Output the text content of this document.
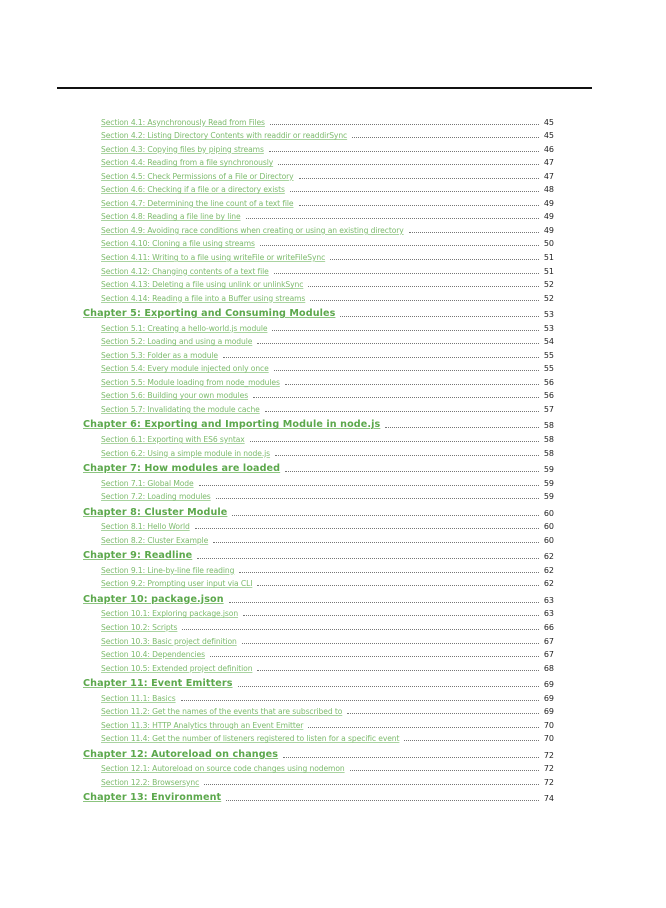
Section 4.1: Asynchronously Read from Files	45
Section 4.2: Listing Directory Contents with readdir or readdirSync	45
Section 4.3: Copying files by piping streams	46
Section 4.4: Reading from a file synchronously	47
Section 4.5: Check Permissions of a File or Directory	47
Section 4.6: Checking if a file or a directory exists	48
Section 4.7: Determining the line count of a text file	49
Section 4.8: Reading a file line by line	49
Section 4.9: Avoiding race conditions when creating or using an existing directory	49
Section 4.10: Cloning a file using streams	50
Section 4.11: Writing to a file using writeFile or writeFileSync	51
Section 4.12: Changing contents of a text file	51
Section 4.13: Deleting a file using unlink or unlinkSync	52
Section 4.14: Reading a file into a Buffer using streams	52
Chapter 5: Exporting and Consuming Modules	53
Section 5.1: Creating a hello-world.js module	53
Section 5.2: Loading and using a module	54
Section 5.3: Folder as a module	55
Section 5.4: Every module injected only once	55
Section 5.5: Module loading from node_modules	56
Section 5.6: Building your own modules	56
Section 5.7: Invalidating the module cache	57
Chapter 6: Exporting and Importing Module in node.js	58
Section 6.1: Exporting with ES6 syntax	58
Section 6.2: Using a simple module in node.js	58
Chapter 7: How modules are loaded	59
Section 7.1: Global Mode	59
Section 7.2: Loading modules	59
Chapter 8: Cluster Module	60
Section 8.1: Hello World	60
Section 8.2: Cluster Example	60
Chapter 9: Readline	62
Section 9.1: Line-by-line file reading	62
Section 9.2: Prompting user input via CLI	62
Chapter 10: package.json	63
Section 10.1: Exploring package.json	63
Section 10.2: Scripts	66
Section 10.3: Basic project definition	67
Section 10.4: Dependencies	67
Section 10.5: Extended project definition	68
Chapter 11: Event Emitters	69
Section 11.1: Basics	69
Section 11.2: Get the names of the events that are subscribed to	69
Section 11.3: HTTP Analytics through an Event Emitter	70
Section 11.4: Get the number of listeners registered to listen for a specific event	70
Chapter 12: Autoreload on changes	72
Section 12.1: Autoreload on source code changes using nodemon	72
Section 12.2: Browsersync	72
Chapter 13: Environment	74
